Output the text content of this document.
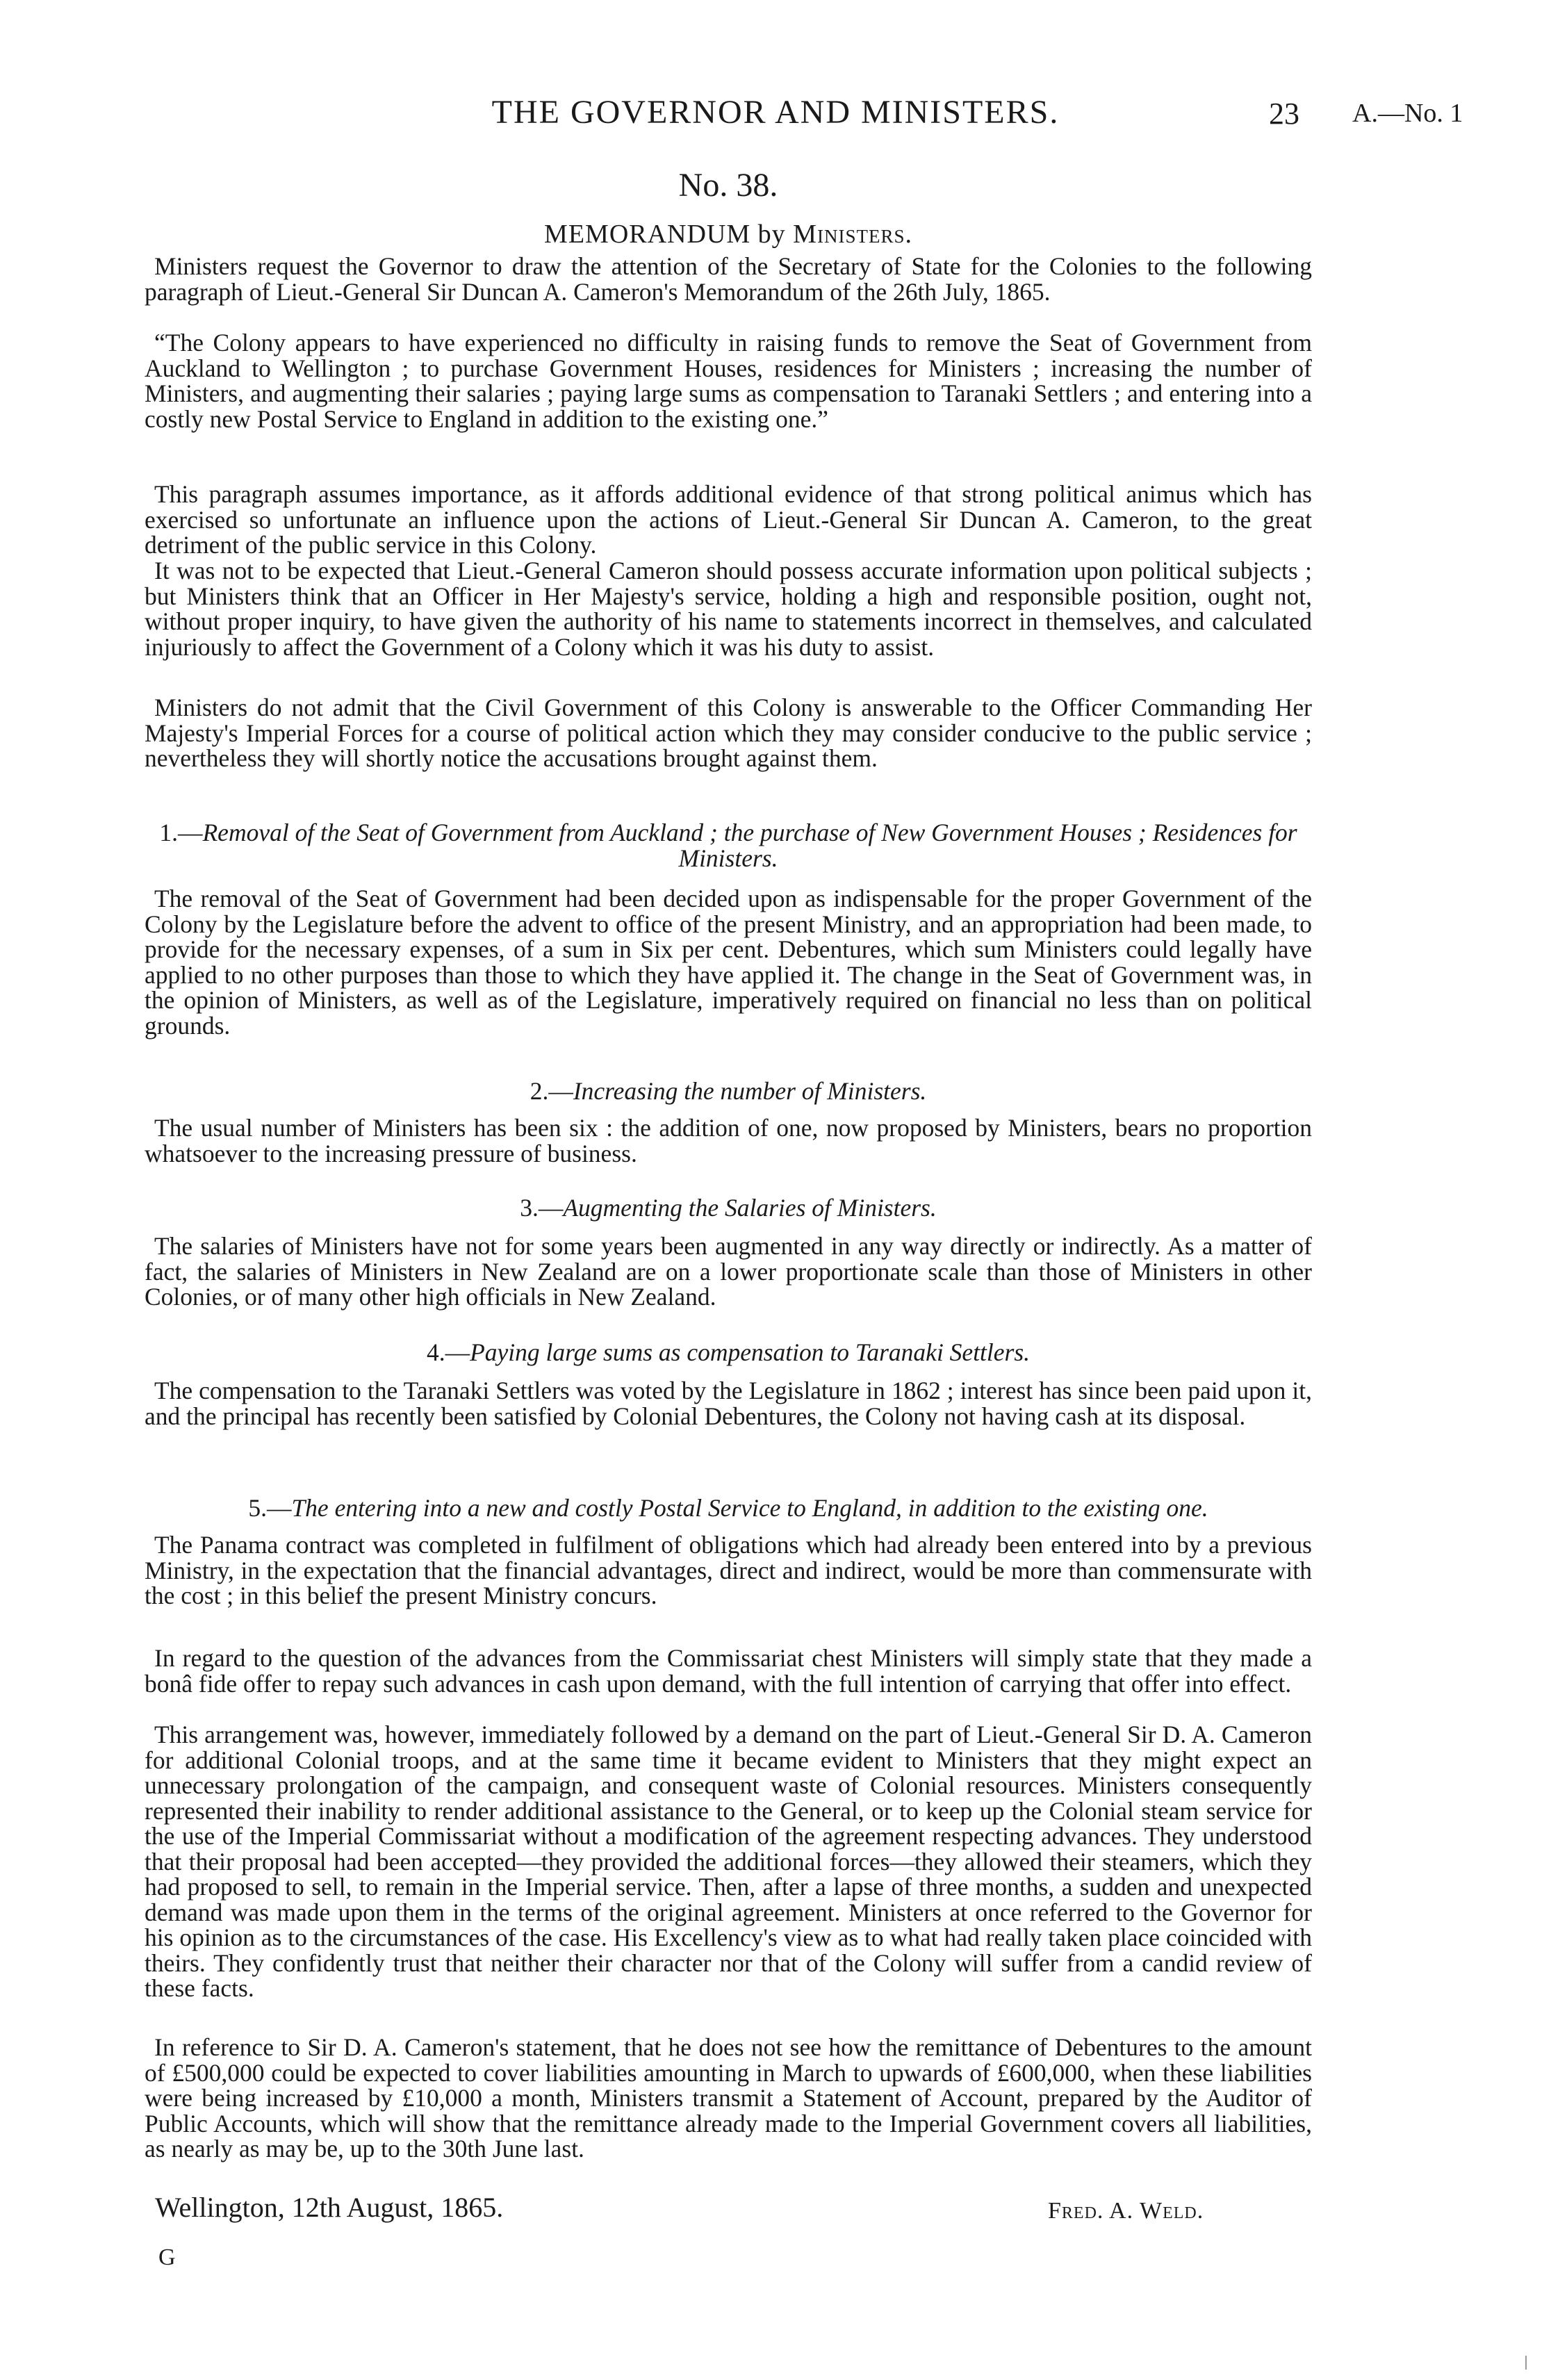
THE GOVERNOR AND MINISTERS.	23 A.—No. 1

No. 38.

MEMORANDUM by Ministers.

Ministers request the Governor to draw the attention of the Secretary of State for the Colonies to the following paragraph of Lieut.-General Sir Duncan A. Cameron's Memorandum of the 26th July, 1865.

“The Colony appears to have experienced no difficulty in raising funds to remove the Seat of Government from Auckland to Wellington ; to purchase Government Houses, residences for Ministers ; increasing the number of Ministers, and augmenting their salaries ; paying large sums as compensation to Taranaki Settlers ; and entering into a costly new Postal Service to England in addition to the existing one.”

This paragraph assumes importance, as it affords additional evidence of that strong political animus which has exercised so unfortunate an influence upon the actions of Lieut.-General Sir Duncan A. Cameron, to the great detriment of the public service in this Colony.

It was not to be expected that Lieut.-General Cameron should possess accurate information upon political subjects ; but Ministers think that an Officer in Her Majesty's service, holding a high and responsible position, ought not, without proper inquiry, to have given the authority of his name to statements incorrect in themselves, and calculated injuriously to affect the Government of a Colony which it was his duty to assist.

Ministers do not admit that the Civil Government of this Colony is answerable to the Officer Commanding Her Majesty's Imperial Forces for a course of political action which they may consider conducive to the public service ; nevertheless they will shortly notice the accusations brought against them.

1.—Removal of the Seat of Government from Auckland ; the purchase of New Government Houses ; Residences for Ministers.

The removal of the Seat of Government had been decided upon as indispensable for the proper Government of the Colony by the Legislature before the advent to office of the present Ministry, and an appropriation had been made, to provide for the necessary expenses, of a sum in Six per cent. Debentures, which sum Ministers could legally have applied to no other purposes than those to which they have applied it. The change in the Seat of Government was, in the opinion of Ministers, as well as of the Legislature, imperatively required on financial no less than on political grounds.

2.—Increasing the number of Ministers.

The usual number of Ministers has been six : the addition of one, now proposed by Ministers, bears no proportion whatsoever to the increasing pressure of business.

3.—Augmenting the Salaries of Ministers.

The salaries of Ministers have not for some years been augmented in any way directly or indirectly. As a matter of fact, the salaries of Ministers in New Zealand are on a lower proportionate scale than those of Ministers in other Colonies, or of many other high officials in New Zealand.

4.—Paying large sums as compensation to Taranaki Settlers.

The compensation to the Taranaki Settlers was voted by the Legislature in 1862 ; interest has since been paid upon it, and the principal has recently been satisfied by Colonial Debentures, the Colony not having cash at its disposal.

5.—The entering into a new and costly Postal Service to England, in addition to the existing one.

The Panama contract was completed in fulfilment of obligations which had already been entered into by a previous Ministry, in the expectation that the financial advantages, direct and indirect, would be more than commensurate with the cost ; in this belief the present Ministry concurs.

In regard to the question of the advances from the Commissariat chest Ministers will simply state that they made a bonâ fide offer to repay such advances in cash upon demand, with the full intention of carrying that offer into effect.

This arrangement was, however, immediately followed by a demand on the part of Lieut.-General Sir D. A. Cameron for additional Colonial troops, and at the same time it became evident to Ministers that they might expect an unnecessary prolongation of the campaign, and consequent waste of Colonial resources. Ministers consequently represented their inability to render additional assistance to the General, or to keep up the Colonial steam service for the use of the Imperial Commissariat without a modification of the agreement respecting advances. They understood that their proposal had been accepted—they provided the additional forces—they allowed their steamers, which they had proposed to sell, to remain in the Imperial service. Then, after a lapse of three months, a sudden and unexpected demand was made upon them in the terms of the original agreement. Ministers at once referred to the Governor for his opinion as to the circumstances of the case. His Excellency's view as to what had really taken place coincided with theirs. They confidently trust that neither their character nor that of the Colony will suffer from a candid review of these facts.

In reference to Sir D. A. Cameron's statement, that he does not see how the remittance of Debentures to the amount of £500,000 could be expected to cover liabilities amounting in March to upwards of £600,000, when these liabilities were being increased by £10,000 a month, Ministers transmit a Statement of Account, prepared by the Auditor of Public Accounts, which will show that the remittance already made to the Imperial Government covers all liabilities, as nearly as may be, up to the 30th June last.

Wellington, 12th August, 1865.	Fred. A. Weld.
G
